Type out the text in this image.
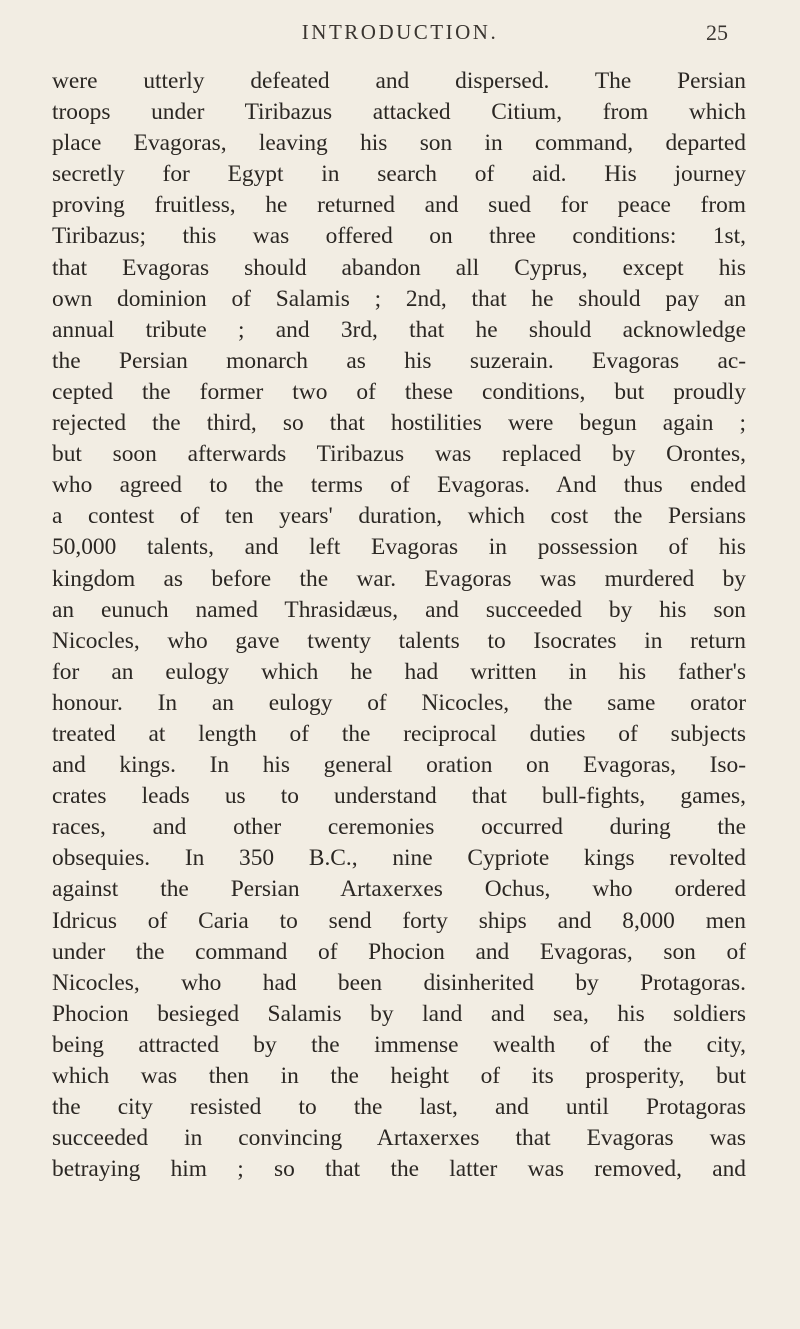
INTRODUCTION.	25
were utterly defeated and dispersed. The Persian
troops under Tiribazus attacked Citium, from which
place Evagoras, leaving his son in command, departed
secretly for Egypt in search of aid. His journey
proving fruitless, he returned and sued for peace from
Tiribazus; this was offered on three conditions: 1st,
that Evagoras should abandon all Cyprus, except his
own dominion of Salamis ; 2nd, that he should pay an
annual tribute ; and 3rd, that he should acknowledge
the Persian monarch as his suzerain. Evagoras ac-
cepted the former two of these conditions, but proudly
rejected the third, so that hostilities were begun again ;
but soon afterwards Tiribazus was replaced by Orontes,
who agreed to the terms of Evagoras. And thus ended
a contest of ten years' duration, which cost the Persians
50,000 talents, and left Evagoras in possession of his
kingdom as before the war. Evagoras was murdered by
an eunuch named Thrasidæus, and succeeded by his son
Nicocles, who gave twenty talents to Isocrates in return
for an eulogy which he had written in his father's
honour. In an eulogy of Nicocles, the same orator
treated at length of the reciprocal duties of subjects
and kings. In his general oration on Evagoras, Iso-
crates leads us to understand that bull-fights, games,
races, and other ceremonies occurred during the
obsequies. In 350 B.C., nine Cypriote kings revolted
against the Persian Artaxerxes Ochus, who ordered
Idricus of Caria to send forty ships and 8,000 men
under the command of Phocion and Evagoras, son of
Nicocles, who had been disinherited by Protagoras.
Phocion besieged Salamis by land and sea, his soldiers
being attracted by the immense wealth of the city,
which was then in the height of its prosperity, but
the city resisted to the last, and until Protagoras
succeeded in convincing Artaxerxes that Evagoras was
betraying him ; so that the latter was removed, and
